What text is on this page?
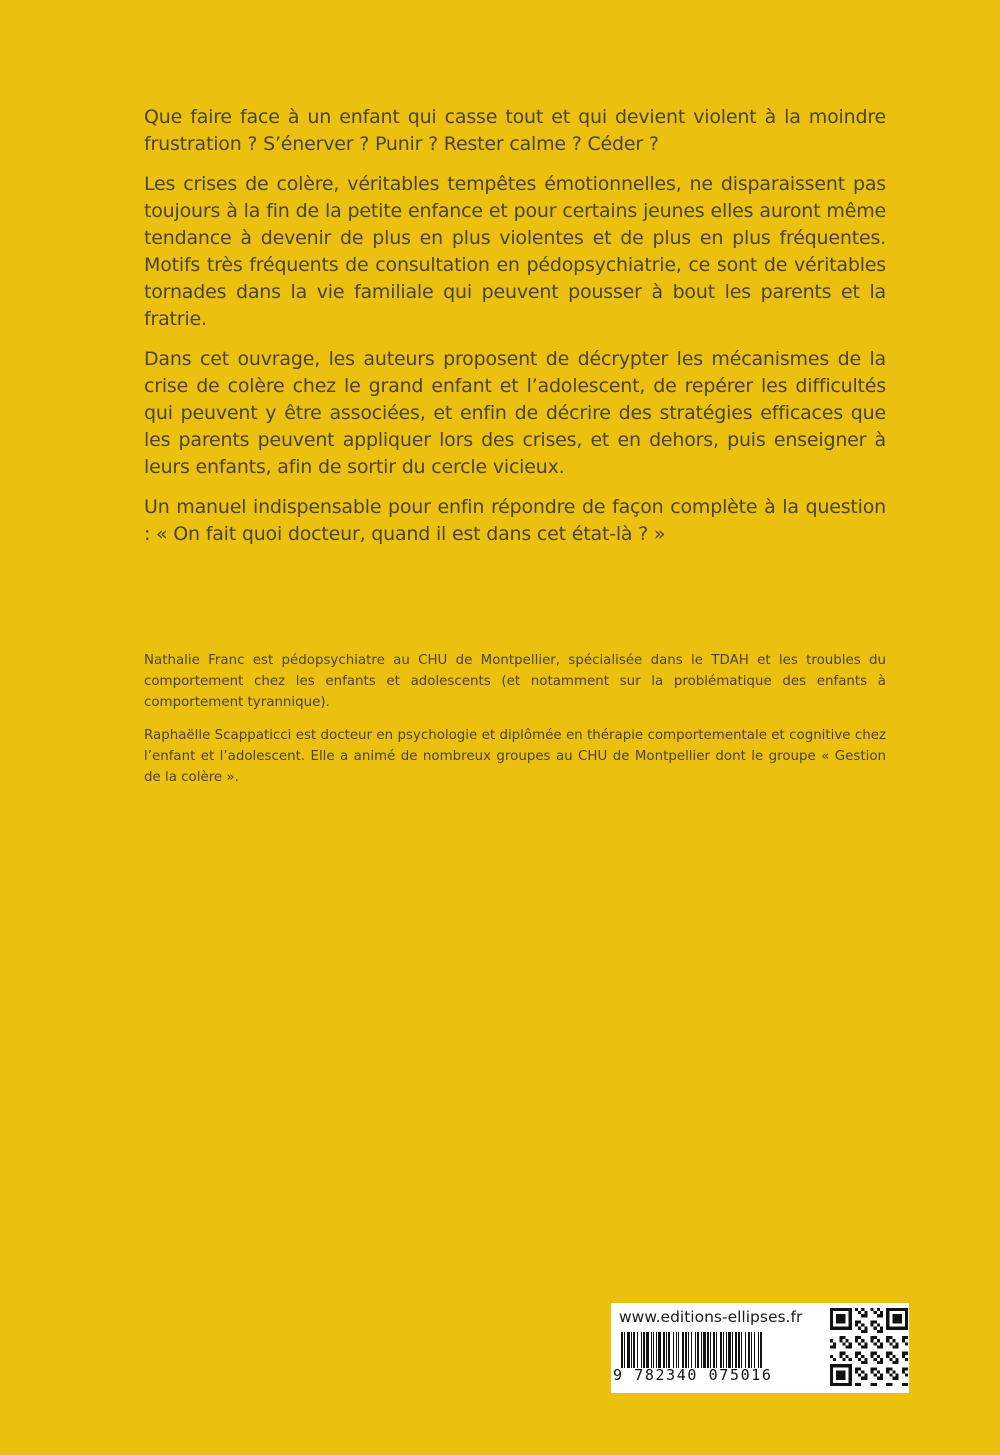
Que faire face à un enfant qui casse tout et qui devient violent à la moindre frustration ? S’énerver ? Punir ? Rester calme ? Céder ?

Les crises de colère, véritables tempêtes émotionnelles, ne disparaissent pas toujours à la fin de la petite enfance et pour certains jeunes elles auront même tendance à devenir de plus en plus violentes et de plus en plus fréquentes. Motifs très fréquents de consultation en pédopsychiatrie, ce sont de véritables tornades dans la vie familiale qui peuvent pousser à bout les parents et la fratrie.

Dans cet ouvrage, les auteurs proposent de décrypter les mécanismes de la crise de colère chez le grand enfant et l’adolescent, de repérer les difficultés qui peuvent y être associées, et enfin de décrire des stratégies efficaces que les parents peuvent appliquer lors des crises, et en dehors, puis enseigner à leurs enfants, afin de sortir du cercle vicieux.

Un manuel indispensable pour enfin répondre de façon complète à la question : « On fait quoi docteur, quand il est dans cet état-là ? »

Nathalie Franc est pédopsychiatre au CHU de Montpellier, spécialisée dans le TDAH et les troubles du comportement chez les enfants et adolescents (et notamment sur la problématique des enfants à comportement tyrannique).

Raphaëlle Scappaticci est docteur en psychologie et diplômée en thérapie comportementale et cognitive chez l’enfant et l’adolescent. Elle a animé de nombreux groupes au CHU de Montpellier dont le groupe « Gestion de la colère ».

www.editions-ellipses.fr
9 782340 075016
